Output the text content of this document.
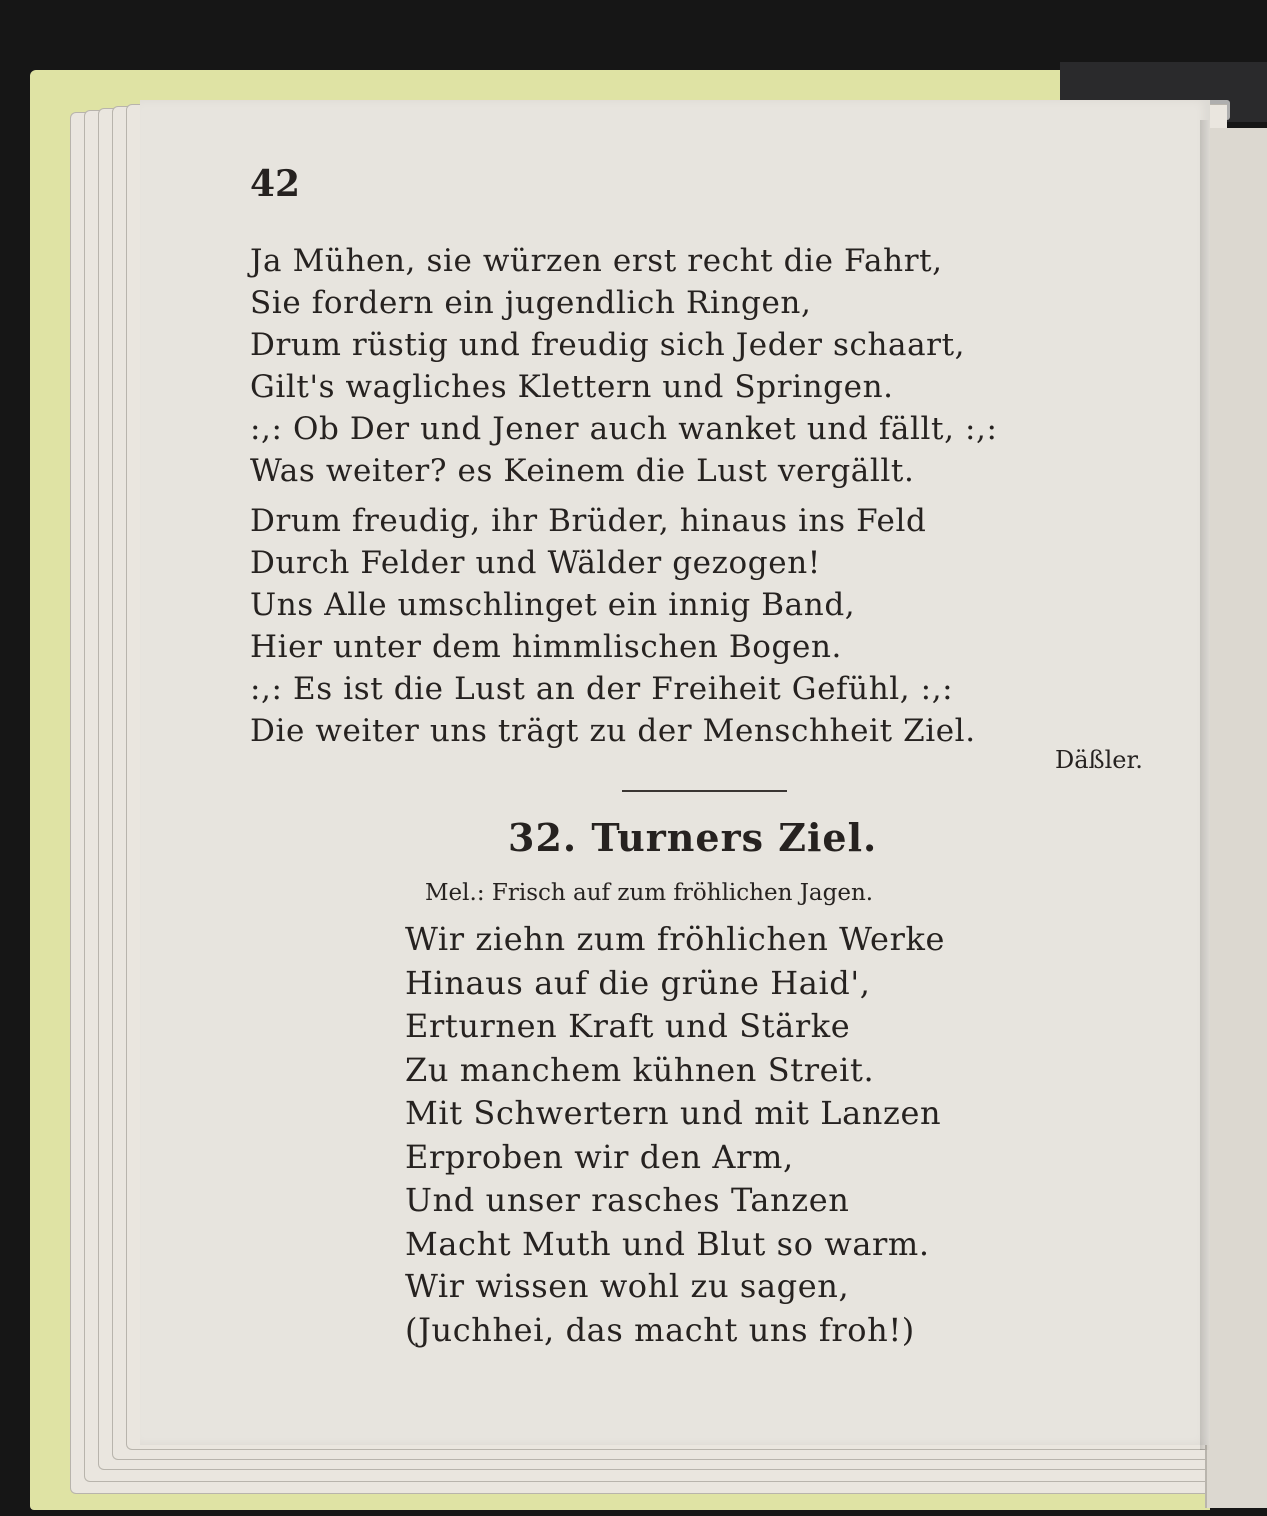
42
Ja Mühen, sie würzen erst recht die Fahrt,
Sie fordern ein jugendlich Ringen,
Drum rüstig und freudig sich Jeder schaart,
Gilt's wagliches Klettern und Springen.
:,: Ob Der und Jener auch wanket und fällt, :,:
Was weiter? es Keinem die Lust vergällt.
Drum freudig, ihr Brüder, hinaus ins Feld
Durch Felder und Wälder gezogen!
Uns Alle umschlinget ein innig Band,
Hier unter dem himmlischen Bogen.
:,: Es ist die Lust an der Freiheit Gefühl, :,:
Die weiter uns trägt zu der Menschheit Ziel.
Däßler.
32. Turners Ziel.
Mel.: Frisch auf zum fröhlichen Jagen.
Wir ziehn zum fröhlichen Werke
Hinaus auf die grüne Haid',
Erturnen Kraft und Stärke
Zu manchem kühnen Streit.
Mit Schwertern und mit Lanzen
Erproben wir den Arm,
Und unser rasches Tanzen
Macht Muth und Blut so warm.
Wir wissen wohl zu sagen,
(Juchhei, das macht uns froh!)
